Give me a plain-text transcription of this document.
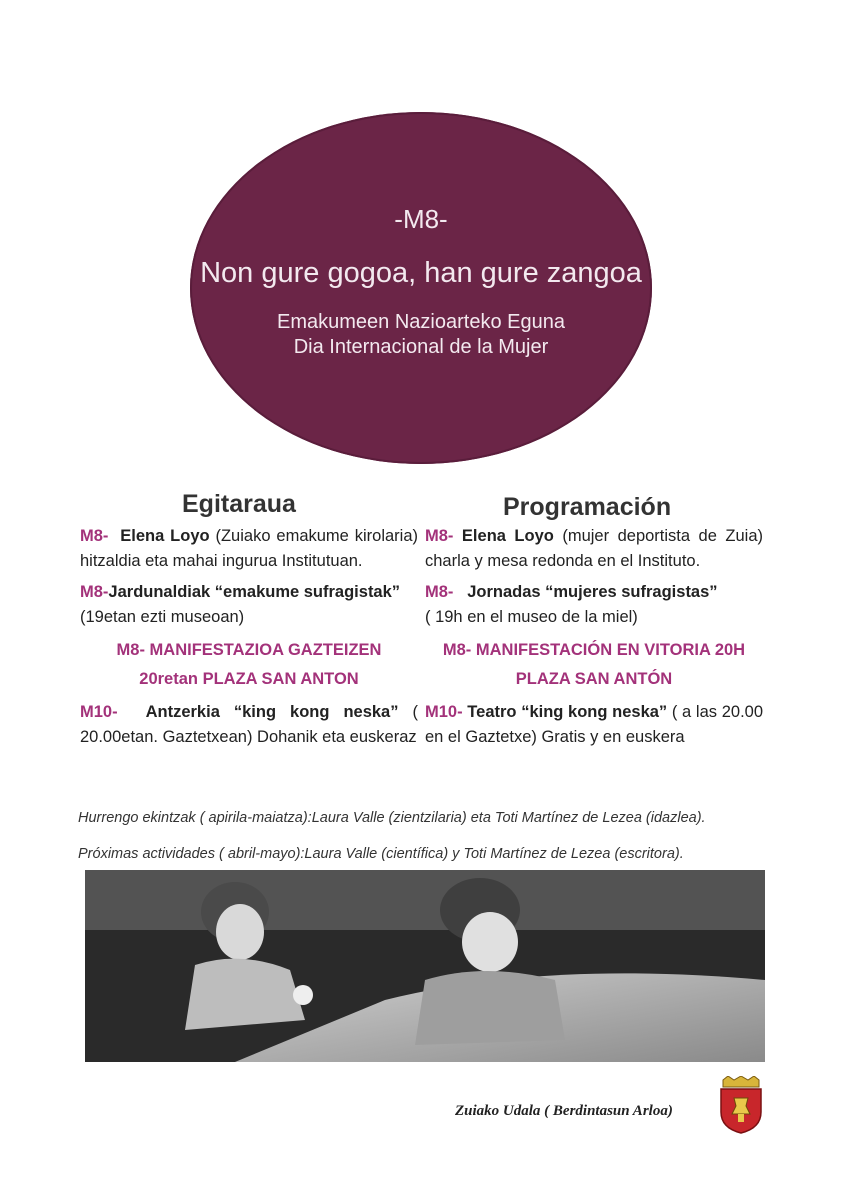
-M8-
Non gure gogoa, han gure zangoa
Emakumeen Nazioarteko Eguna
Dia Internacional de la Mujer
Egitaraua	Programación

M8- Elena Loyo (Zuiako emakume kirolaria) hitzaldia eta mahai ingurua Institutuan.

M8-Jardunaldiak “emakume sufragistak”
(19etan ezti museoan)

M8- MANIFESTAZIOA GAZTEIZEN
20retan PLAZA SAN ANTON

M10- Antzerkia “king kong neska” ( 20.00etan. Gaztetxean) Dohanik eta euskeraz

M8- Elena Loyo (mujer deportista de Zuia) charla y mesa redonda en el Instituto.

M8- Jornadas “mujeres sufragistas”
( 19h en el museo de la miel)

M8- MANIFESTACIÓN EN VITORIA 20H
PLAZA SAN ANTÓN

M10- Teatro “king kong neska” ( a las 20.00 en el Gaztetxe) Gratis y en euskera

Hurrengo ekintzak ( apirila-maiatza):Laura Valle (zientzilaria) eta Toti Martínez de Lezea (idazlea).
Próximas actividades ( abril-mayo):Laura Valle (científica) y Toti Martínez de Lezea (escritora).
Zuiako Udala ( Berdintasun Arloa)
